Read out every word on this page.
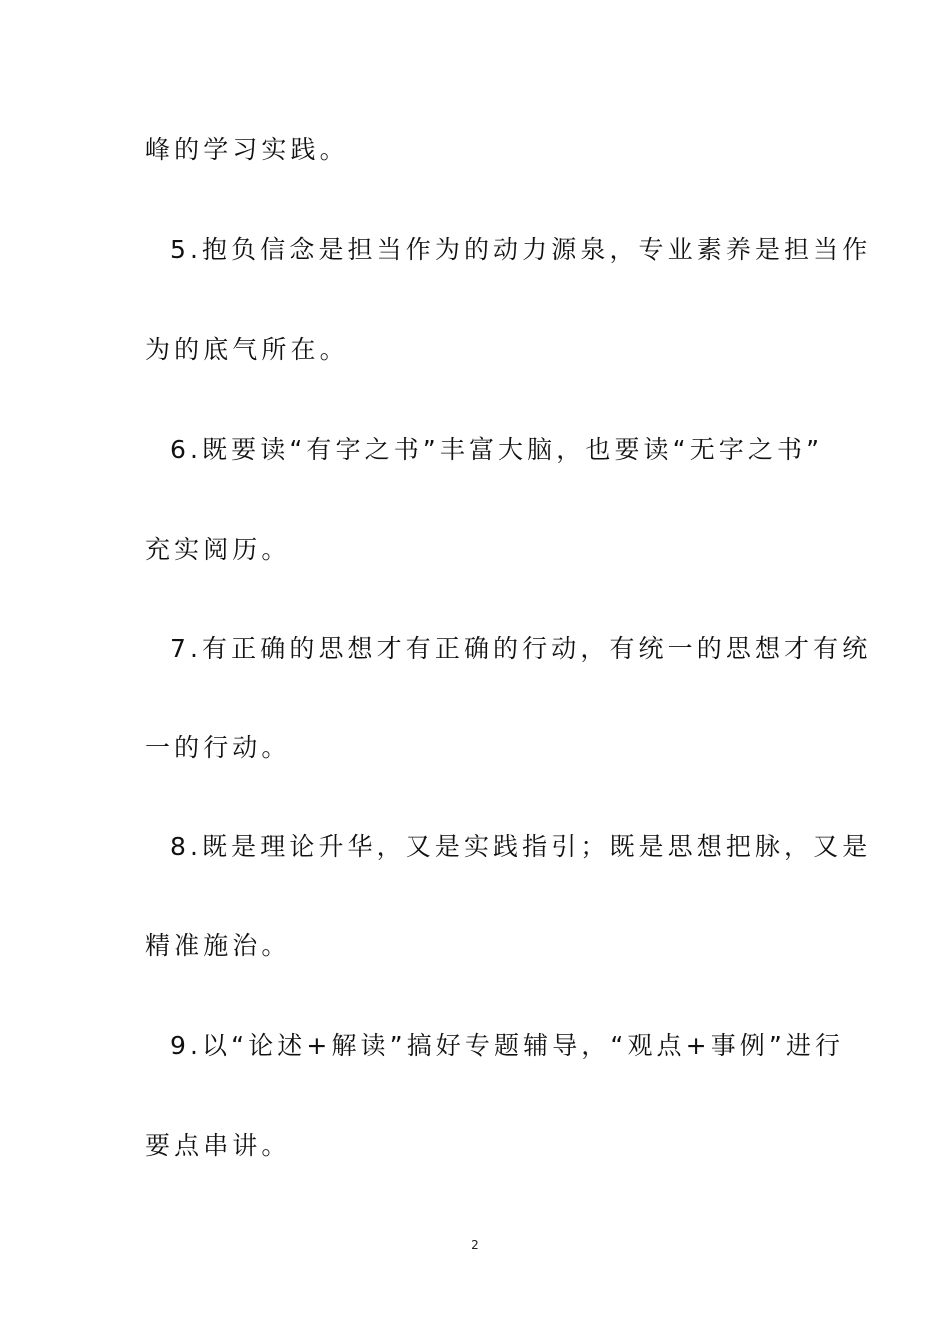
峰的学习实践。
5.抱负信念是担当作为的动力源泉，专业素养是担当作
为的底气所在。
6.既要读“有字之书”丰富大脑，也要读“无字之书”
充实阅历。
7.有正确的思想才有正确的行动，有统一的思想才有统
一的行动。
8.既是理论升华，又是实践指引；既是思想把脉，又是
精准施治。
9.以“论述+解读”搞好专题辅导，“观点+事例”进行
要点串讲。
2
